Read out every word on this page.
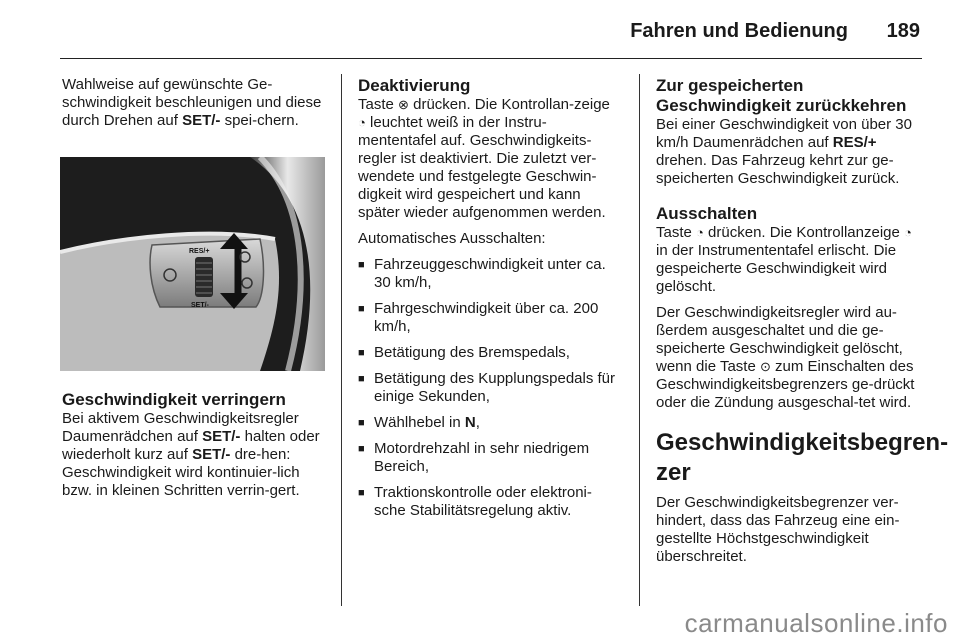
Fahren und Bedienung 189

Wahlweise auf gewünschte Ge-schwindigkeit beschleunigen und diese durch Drehen auf SET/- spei-chern.

RES/+
SET/-
Geschwindigkeit verringern

Bei aktivem Geschwindigkeitsregler Daumenrädchen auf SET/- halten oder wiederholt kurz auf SET/- dre-hen: Geschwindigkeit wird kontinuier-lich bzw. in kleinen Schritten verrin-gert.

Deaktivierung

Taste ⊗ drücken. Die Kontrollan-zeige ◔ leuchtet weiß in der Instru-mententafel auf. Geschwindigkeits-regler ist deaktiviert. Die zuletzt ver-wendete und festgelegte Geschwin-digkeit wird gespeichert und kann später wieder aufgenommen werden.

Automatisches Ausschalten:

■ Fahrzeuggeschwindigkeit unter ca. 30 km/h,
■ Fahrgeschwindigkeit über ca. 200 km/h,
■ Betätigung des Bremspedals,
■ Betätigung des Kupplungspedals für einige Sekunden,
■ Wählhebel in N,
■ Motordrehzahl in sehr niedrigem Bereich,
■ Traktionskontrolle oder elektroni-sche Stabilitätsregelung aktiv.
Zur gespeicherten Geschwindigkeit zurückkehren

Bei einer Geschwindigkeit von über 30 km/h Daumenrädchen auf RES/+ drehen. Das Fahrzeug kehrt zur ge-speicherten Geschwindigkeit zurück.

Ausschalten

Taste ◔ drücken. Die Kontrollanzeige ◔ in der Instrumententafel erlischt. Die gespeicherte Geschwindigkeit wird gelöscht.

Der Geschwindigkeitsregler wird au-ßerdem ausgeschaltet und die ge-speicherte Geschwindigkeit gelöscht, wenn die Taste ⊙ zum Einschalten des Geschwindigkeitsbegrenzers ge-drückt oder die Zündung ausgeschal-tet wird.

Geschwindigkeitsbegren-zer

Der Geschwindigkeitsbegrenzer ver-hindert, dass das Fahrzeug eine ein-gestellte Höchstgeschwindigkeit überschreitet.

carmanualsonline.info
